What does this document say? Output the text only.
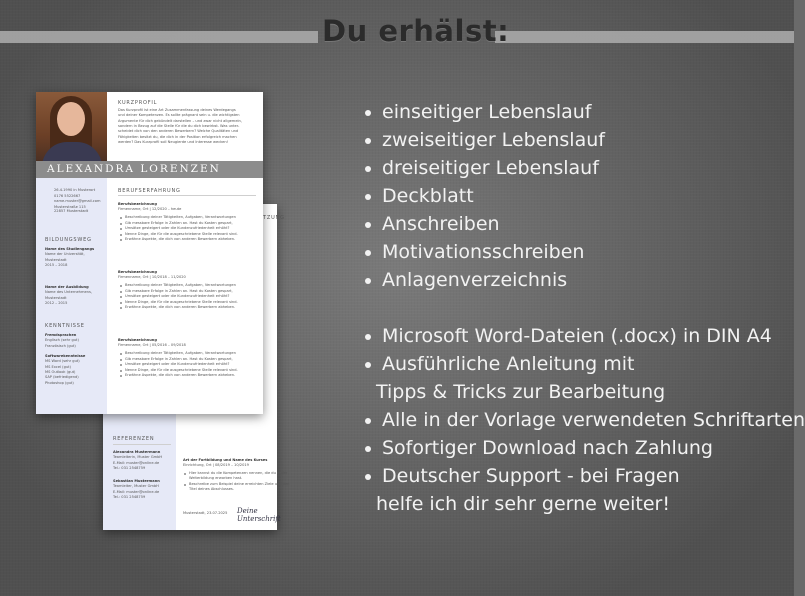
Du erhälst:
einseitiger Lebenslauf
zweiseitiger Lebenslauf
dreiseitiger Lebenslauf
Deckblatt
Anschreiben
Motivationsschreiben
Anlagenverzeichnis
Microsoft Word-Dateien (.docx) in DIN A4
Ausführliche Anleitung mit
Tipps & Tricks zur Bearbeitung
Alle in der Vorlage verwendeten Schriftarten
Sofortiger Download nach Zahlung
Deutscher Support - bei Fragen
helfe ich dir sehr gerne weiter!
TZUNG
REFERENZEN
Art der Fortbildung und Name des Kurses
Einrichtung, Ort | 08/2019 – 10/2019
Musterstadt, 23.07.2025 Deine Unterschrift
Alexandra Mustermann
Teamleiterin, Muster GmbH
E-Mail: muster@online.de
Tel.: 031 2548759
Sebastian Mustermann
Teamleiter, Muster GmbH
E-Mail: muster@online.de
Tel.: 031 2548759
Hier kannst du die Kompetenzen nennen, die du in der
Weiterbildung erworben hast.
Beschreibe zum Beispiel deine erreichten Ziele und den
Titel deines Abschlusses.
ALEXANDRA LORENZEN
KURZPROFIL
BERUFSERFAHRUNG
BILDUNGSWEG
KENNTNISSE
Das Kurzprofil ist eine Art Zusammenfassung deines Werdegangs
und deiner Kompetenzen. Es sollte prägnant sein u. die wichtigsten
Argumente für dich gebündelt darstellen – und zwar nicht allgemein,
sondern in Bezug auf die Stelle für die du dich bewirbst. Was unter-
scheidet dich von den anderen Bewerbern? Welche Qualitäten und
Fähigkeiten besitzt du, die dich in der Position erfolgreich machen
werden? Das Kurzprofil soll Neugierde und Interesse wecken!
Berufsbezeichnung
Firmenname, Ort | 12/2020 – heute
Beschreibung deiner Tätigkeiten, Aufgaben, Verantwortungen
Gib messbare Erfolge in Zahlen an. Hast du Kosten gespart,
Umsätze gesteigert oder die Kundenzufriedenheit erhöht?
Nenne Dinge, die für die ausgeschriebene Stelle relevant sind.
Erwähne Aspekte, die dich von anderen Bewerbern abheben.
Berufsbezeichnung
Firmenname, Ort | 10/2018 – 11/2020
Beschreibung deiner Tätigkeiten, Aufgaben, Verantwortungen
Gib messbare Erfolge in Zahlen an. Hast du Kosten gespart,
Umsätze gesteigert oder die Kundenzufriedenheit erhöht?
Nenne Dinge, die für die ausgeschriebene Stelle relevant sind.
Erwähne Aspekte, die dich von anderen Bewerbern abheben.
Berufsbezeichnung
Firmenname, Ort | 05/2016 – 09/2018
Beschreibung deiner Tätigkeiten, Aufgaben, Verantwortungen
Gib messbare Erfolge in Zahlen an. Hast du Kosten gespart,
Umsätze gesteigert oder die Kundenzufriedenheit erhöht?
Nenne Dinge, die für die ausgeschriebene Stelle relevant sind.
Erwähne Aspekte, die dich von anderen Bewerbern abheben.
26.4.1990 in Musterort
0176 5522667
name.muster@gmail.com
Musterstraße 115
22857 Musterstadt
Name des Studiengangs
Name der Universität,
Musterstadt
2015 – 2018
Name der Ausbildung
Name des Unternehmens,
Musterstadt
2012 – 2015
Fremdsprachen
Englisch (sehr gut)
Französisch (gut)
Softwarekenntnisse
MS Word (sehr gut)
MS Excel (gut)
MS Outlook (gut)
SAP (befriedigend)
Photoshop (gut)
